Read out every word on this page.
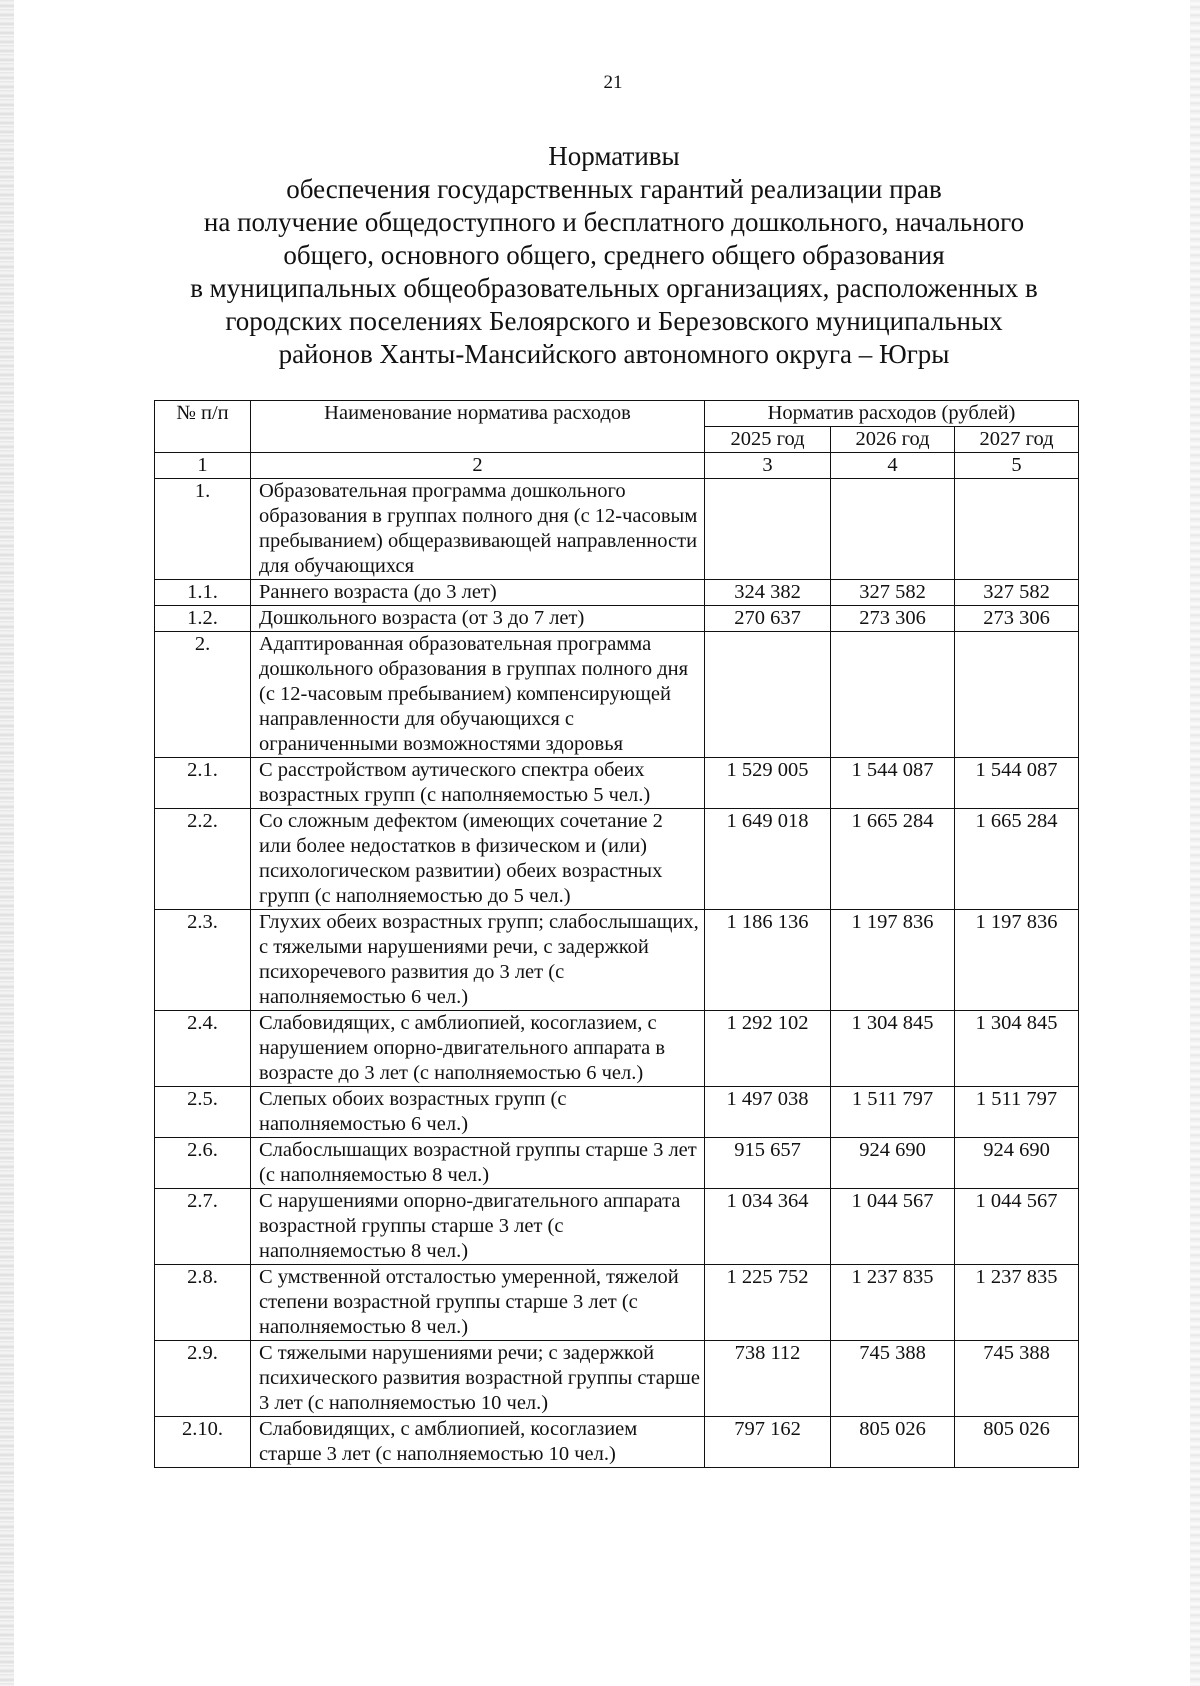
21
Нормативы
обеспечения государственных гарантий реализации прав
на получение общедоступного и бесплатного дошкольного, начального
общего, основного общего, среднего общего образования
в муниципальных общеобразовательных организациях, расположенных в
городских поселениях Белоярского и Березовского муниципальных
районов Ханты-Мансийского автономного округа – Югры
№ п/п	Наименование норматива расходов	Норматив расходов (рублей)		
		2025 год	2026 год	2027 год
1	2	3	4	5
1.	Образовательная программа дошкольного образования в группах полного дня (с 12-часовым пребыванием) общеразвивающей направленности для обучающихся			
1.1.	Раннего возраста (до 3 лет)	324 382	327 582	327 582
1.2.	Дошкольного возраста (от 3 до 7 лет)	270 637	273 306	273 306
2.	Адаптированная образовательная программа дошкольного образования в группах полного дня (с 12-часовым пребыванием) компенсирующей направленности для обучающихся с ограниченными возможностями здоровья			
2.1.	С расстройством аутического спектра обеих возрастных групп (с наполняемостью 5 чел.)	1 529 005	1 544 087	1 544 087
2.2.	Со сложным дефектом (имеющих сочетание 2 или более недостатков в физическом и (или) психологическом развитии) обеих возрастных групп (с наполняемостью до 5 чел.)	1 649 018	1 665 284	1 665 284
2.3.	Глухих обеих возрастных групп; слабослышащих, с тяжелыми нарушениями речи, с задержкой психоречевого развития до 3 лет (с наполняемостью 6 чел.)	1 186 136	1 197 836	1 197 836
2.4.	Слабовидящих, с амблиопией, косоглазием, с нарушением опорно-двигательного аппарата в возрасте до 3 лет (с наполняемостью 6 чел.)	1 292 102	1 304 845	1 304 845
2.5.	Слепых обоих возрастных групп (с наполняемостью 6 чел.)	1 497 038	1 511 797	1 511 797
2.6.	Слабослышащих возрастной группы старше 3 лет (с наполняемостью 8 чел.)	915 657	924 690	924 690
2.7.	С нарушениями опорно-двигательного аппарата возрастной группы старше 3 лет (с наполняемостью 8 чел.)	1 034 364	1 044 567	1 044 567
2.8.	С умственной отсталостью умеренной, тяжелой степени возрастной группы старше 3 лет (с наполняемостью 8 чел.)	1 225 752	1 237 835	1 237 835
2.9.	С тяжелыми нарушениями речи; с задержкой психического развития возрастной группы старше 3 лет (с наполняемостью 10 чел.)	738 112	745 388	745 388
2.10.	Слабовидящих, с амблиопией, косоглазием старше 3 лет (с наполняемостью 10 чел.)	797 162	805 026	805 026
